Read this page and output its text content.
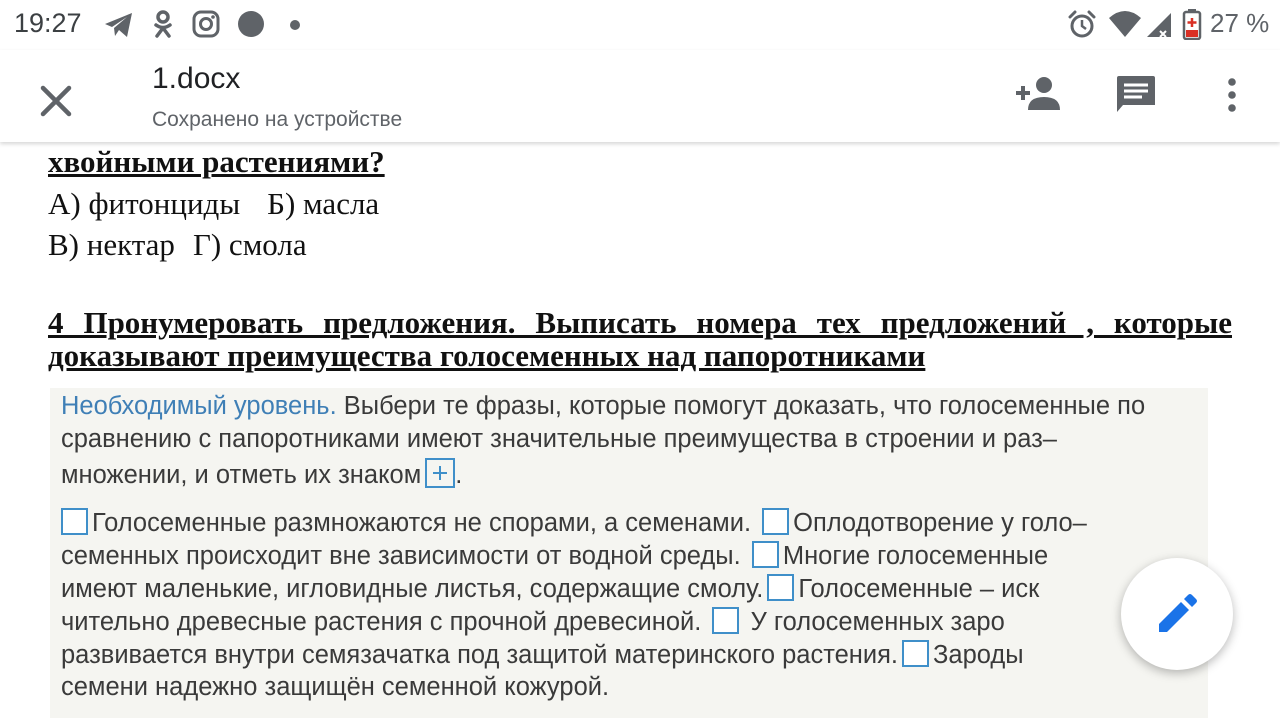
19:27	27 %
1.docx
Сохранено на устройстве
хвойными растениями?
А) фитонциды Б) масла
В) нектар Г) смола
4 Пронумеровать предложения. Выписать номера тех предложений , которые
доказывают преимущества голосеменных над папоротниками
Необходимый уровень. Выбери те фразы, которые помогут доказать, что голосеменные по
сравнению с папоротниками имеют значительные преимущества в строении и раз–
множении, и отметь их знаком .
Голосеменные размножаются не спорами, а семенами. Оплодотворение у голо–
семенных происходит вне зависимости от водной среды. Многие голосеменные
имеют маленькие, игловидные листья, содержащие смолу. Голосеменные – иск
чительно древесные растения с прочной древесиной. У голосеменных заро
развивается внутри семязачатка под защитой материнского растения. Зароды
семени надежно защищён семенной кожурой.
